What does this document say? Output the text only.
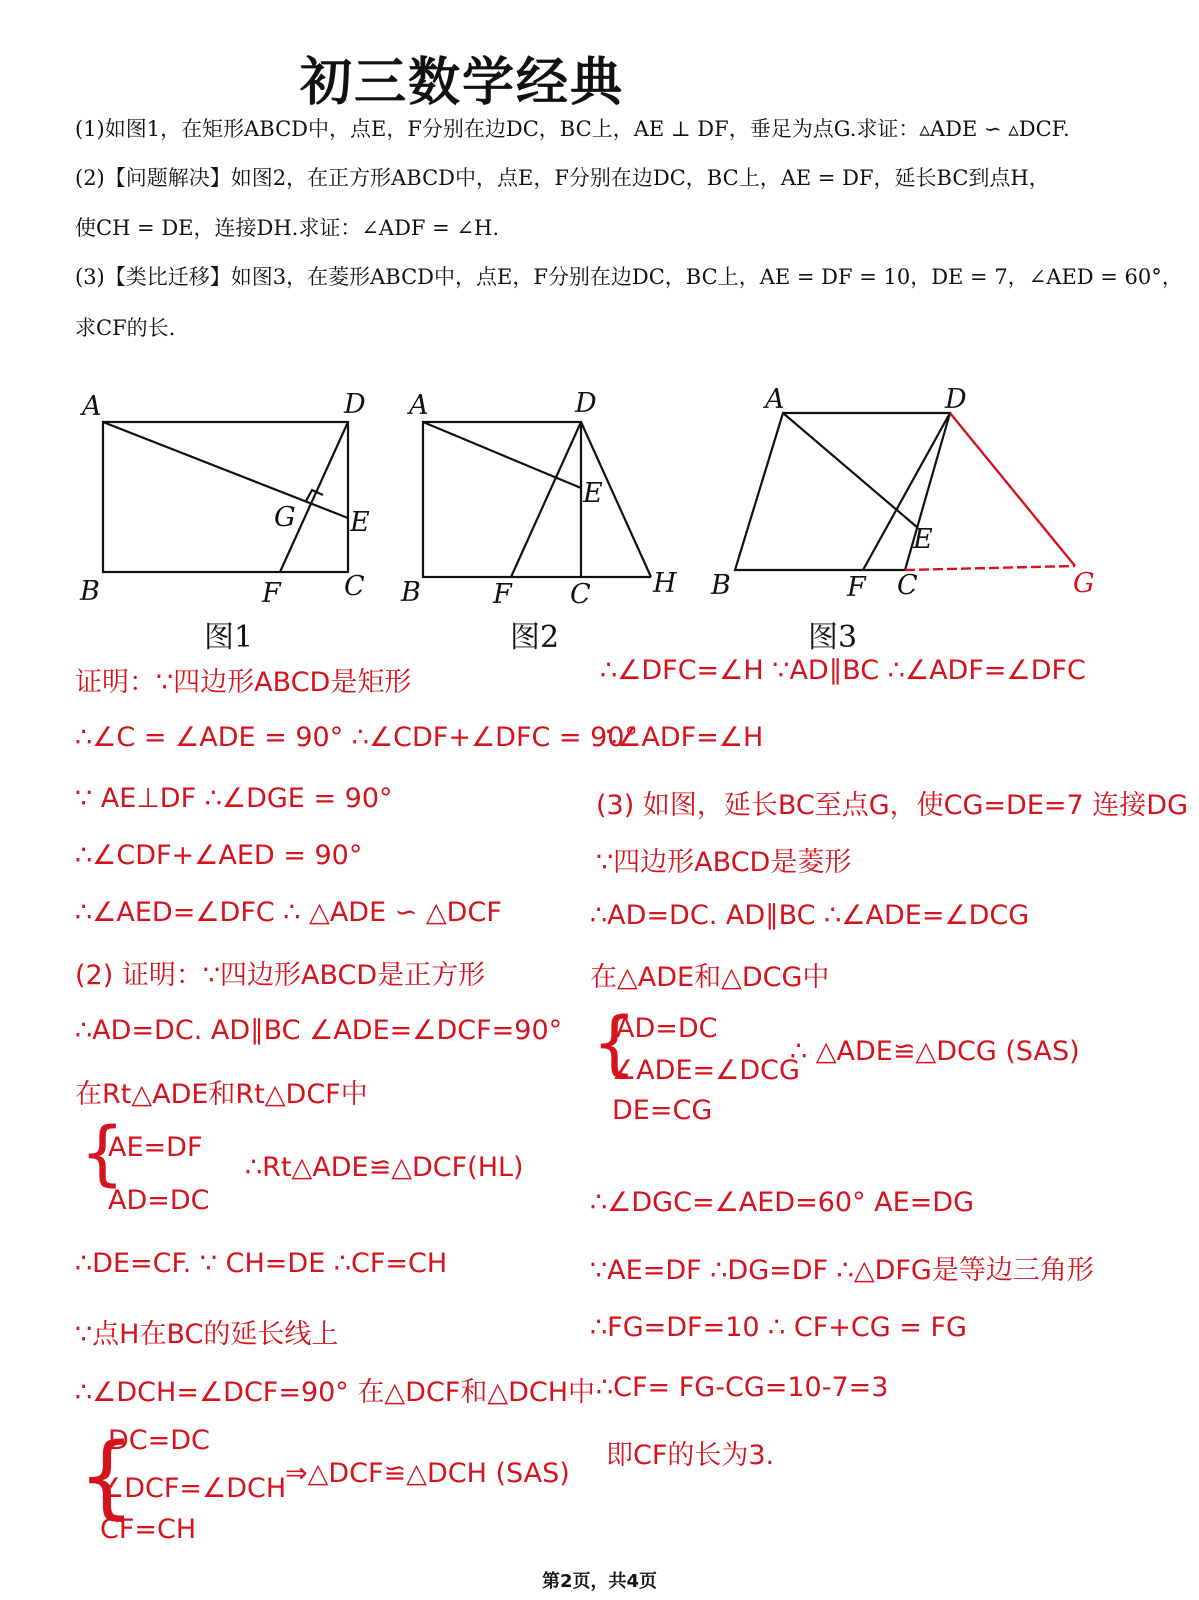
初三数学经典
(1)如图1，在矩形ABCD中，点E，F分别在边DC，BC上，AE ⊥ DF，垂足为点G.求证：▵ADE ∽ ▵DCF.
(2)【问题解决】如图2，在正方形ABCD中，点E，F分别在边DC，BC上，AE = DF，延长BC到点H，
使CH = DE，连接DH.求证：∠ADF = ∠H.
(3)【类比迁移】如图3，在菱形ABCD中，点E，F分别在边DC，BC上，AE = DF = 10，DE = 7，∠AED = 60°，
求CF的长.
A	D
B	C
E
F
G
图1
A	D
B	C
E
F	H
图2
A	D
B	C
E
F	G
图3
证明：∵四边形ABCD是矩形
∴∠C = ∠ADE = 90° ∴∠CDF+∠DFC = 90°
∵ AE⊥DF ∴∠DGE = 90°
∴∠CDF+∠AED = 90°
∴∠AED=∠DFC ∴ △ADE ∽ △DCF
(2) 证明：∵四边形ABCD是正方形
∴AD=DC. AD∥BC ∠ADE=∠DCF=90°
在Rt△ADE和Rt△DCF中
{
AE=DF
AD=DC
∴Rt△ADE≌△DCF(HL)
∴DE=CF. ∵ CH=DE ∴CF=CH
∵点H在BC的延长线上
∴∠DCH=∠DCF=90° 在△DCF和△DCH中
{
DC=DC
∠DCF=∠DCH
CF=CH
⇒△DCF≌△DCH (SAS)
∴∠DFC=∠H ∵AD∥BC ∴∠ADF=∠DFC
∴∠ADF=∠H
(3) 如图，延长BC至点G，使CG=DE=7 连接DG
∵四边形ABCD是菱形
∴AD=DC. AD∥BC ∴∠ADE=∠DCG
在△ADE和△DCG中
{
AD=DC
∠ADE=∠DCG
DE=CG
∴ △ADE≌△DCG (SAS)
∴∠DGC=∠AED=60° AE=DG
∵AE=DF ∴DG=DF ∴△DFG是等边三角形
∴FG=DF=10 ∴ CF+CG = FG
∴CF= FG-CG=10-7=3
即CF的长为3.
第2页，共4页
